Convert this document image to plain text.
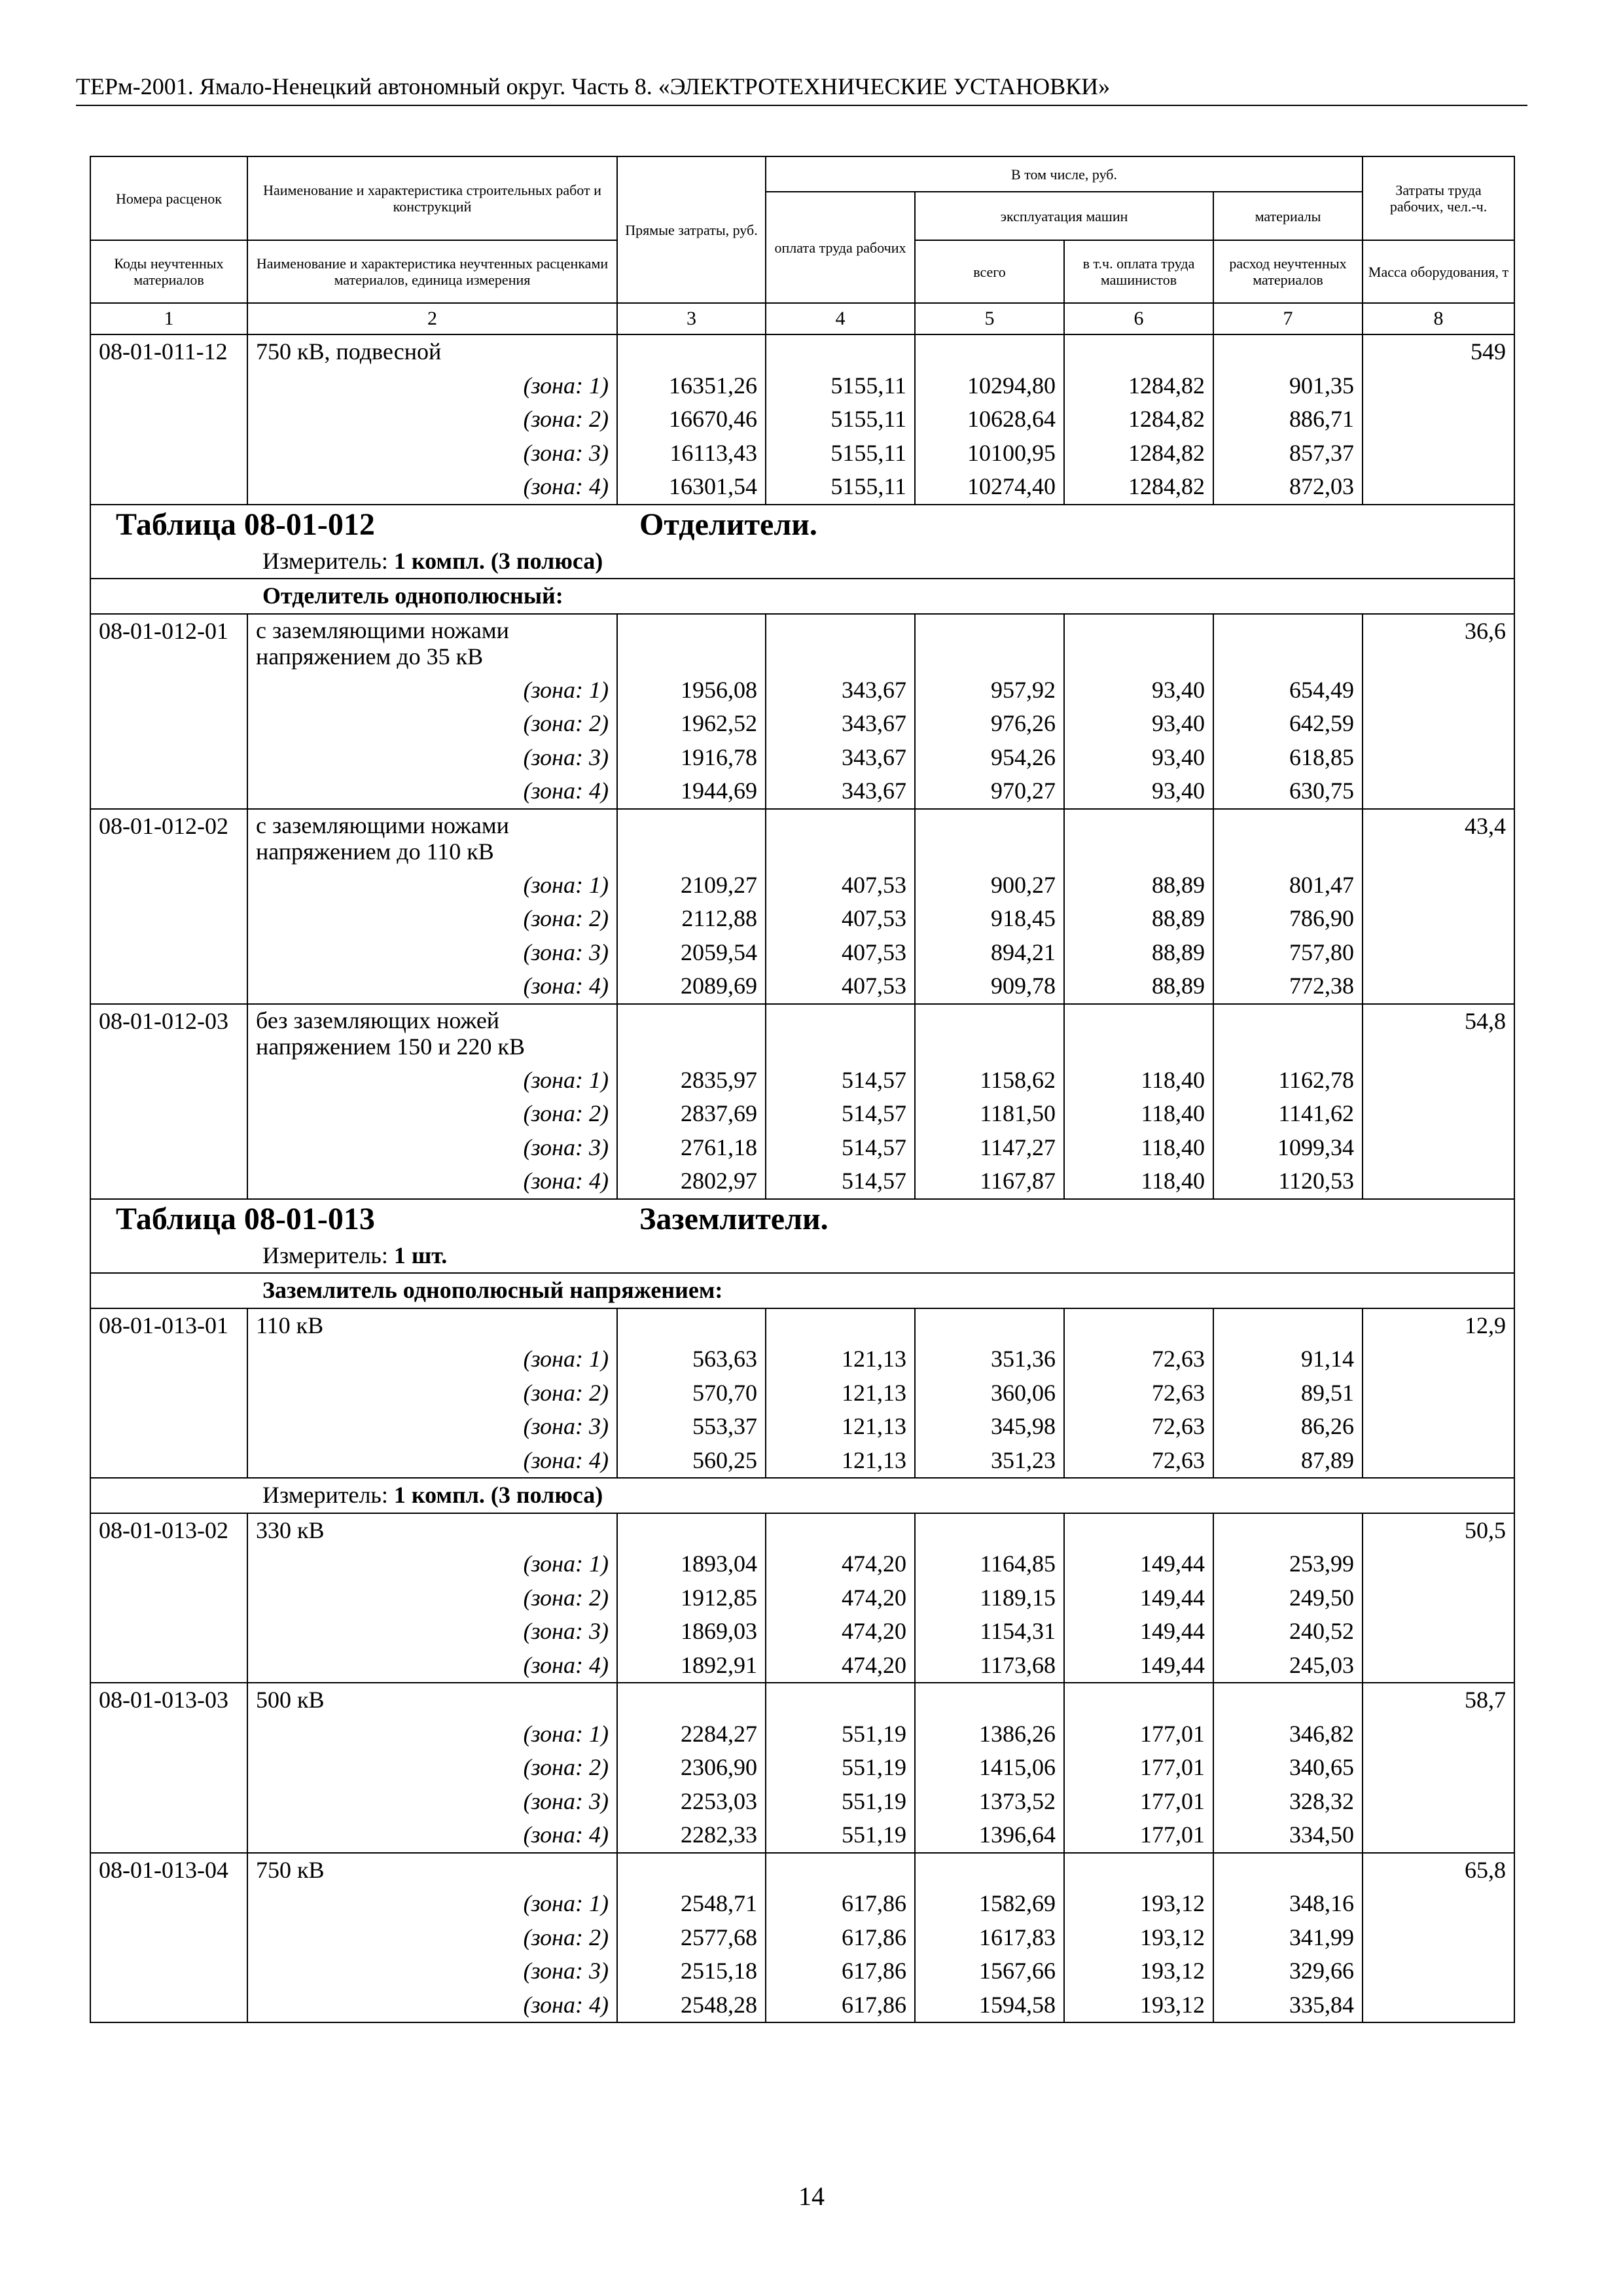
ТЕРм-2001. Ямало-Ненецкий автономный округ. Часть 8. «ЭЛЕКТРОТЕХНИЧЕСКИЕ УСТАНОВКИ»
Номера расценок	Наименование и характеристика строительных работ и конструкций	Прямые затраты, руб.	В том числе, руб.				Затраты труда рабочих, чел.-ч.
			оплата труда рабочих	эксплуатация машин		материалы	
Коды неучтенных материалов	Наименование и характеристика неучтенных расценками материалов, единица измерения			всего	в т.ч. оплата труда машинистов	расход неучтенных материалов	Масса оборудования, т
1	2	3	4	5	6	7	8
08-01-011-12	750 кВ, подвесной						549
	(зона: 1)	16351,26	5155,11	10294,80	1284,82	901,35	
	(зона: 2)	16670,46	5155,11	10628,64	1284,82	886,71	
	(зона: 3)	16113,43	5155,11	10100,95	1284,82	857,37	
	(зона: 4)	16301,54	5155,11	10274,40	1284,82	872,03	
Таблица 08-01-012 Отделители.							
Измеритель: 1 компл. (3 полюса)							
Отделитель однополюсный:							
08-01-012-01	с заземляющими ножами напряжением до 35 кВ						36,6
	(зона: 1)	1956,08	343,67	957,92	93,40	654,49	
	(зона: 2)	1962,52	343,67	976,26	93,40	642,59	
	(зона: 3)	1916,78	343,67	954,26	93,40	618,85	
	(зона: 4)	1944,69	343,67	970,27	93,40	630,75	
08-01-012-02	с заземляющими ножами напряжением до 110 кВ						43,4
	(зона: 1)	2109,27	407,53	900,27	88,89	801,47	
	(зона: 2)	2112,88	407,53	918,45	88,89	786,90	
	(зона: 3)	2059,54	407,53	894,21	88,89	757,80	
	(зона: 4)	2089,69	407,53	909,78	88,89	772,38	
08-01-012-03	без заземляющих ножей напряжением 150 и 220 кВ						54,8
	(зона: 1)	2835,97	514,57	1158,62	118,40	1162,78	
	(зона: 2)	2837,69	514,57	1181,50	118,40	1141,62	
	(зона: 3)	2761,18	514,57	1147,27	118,40	1099,34	
	(зона: 4)	2802,97	514,57	1167,87	118,40	1120,53	
Таблица 08-01-013 Заземлители.							
Измеритель: 1 шт.							
Заземлитель однополюсный напряжением:							
08-01-013-01	110 кВ						12,9
	(зона: 1)	563,63	121,13	351,36	72,63	91,14	
	(зона: 2)	570,70	121,13	360,06	72,63	89,51	
	(зона: 3)	553,37	121,13	345,98	72,63	86,26	
	(зона: 4)	560,25	121,13	351,23	72,63	87,89	
Измеритель: 1 компл. (3 полюса)							
08-01-013-02	330 кВ						50,5
	(зона: 1)	1893,04	474,20	1164,85	149,44	253,99	
	(зона: 2)	1912,85	474,20	1189,15	149,44	249,50	
	(зона: 3)	1869,03	474,20	1154,31	149,44	240,52	
	(зона: 4)	1892,91	474,20	1173,68	149,44	245,03	
08-01-013-03	500 кВ						58,7
	(зона: 1)	2284,27	551,19	1386,26	177,01	346,82	
	(зона: 2)	2306,90	551,19	1415,06	177,01	340,65	
	(зона: 3)	2253,03	551,19	1373,52	177,01	328,32	
	(зона: 4)	2282,33	551,19	1396,64	177,01	334,50	
08-01-013-04	750 кВ						65,8
	(зона: 1)	2548,71	617,86	1582,69	193,12	348,16	
	(зона: 2)	2577,68	617,86	1617,83	193,12	341,99	
	(зона: 3)	2515,18	617,86	1567,66	193,12	329,66	
	(зона: 4)	2548,28	617,86	1594,58	193,12	335,84	
14
